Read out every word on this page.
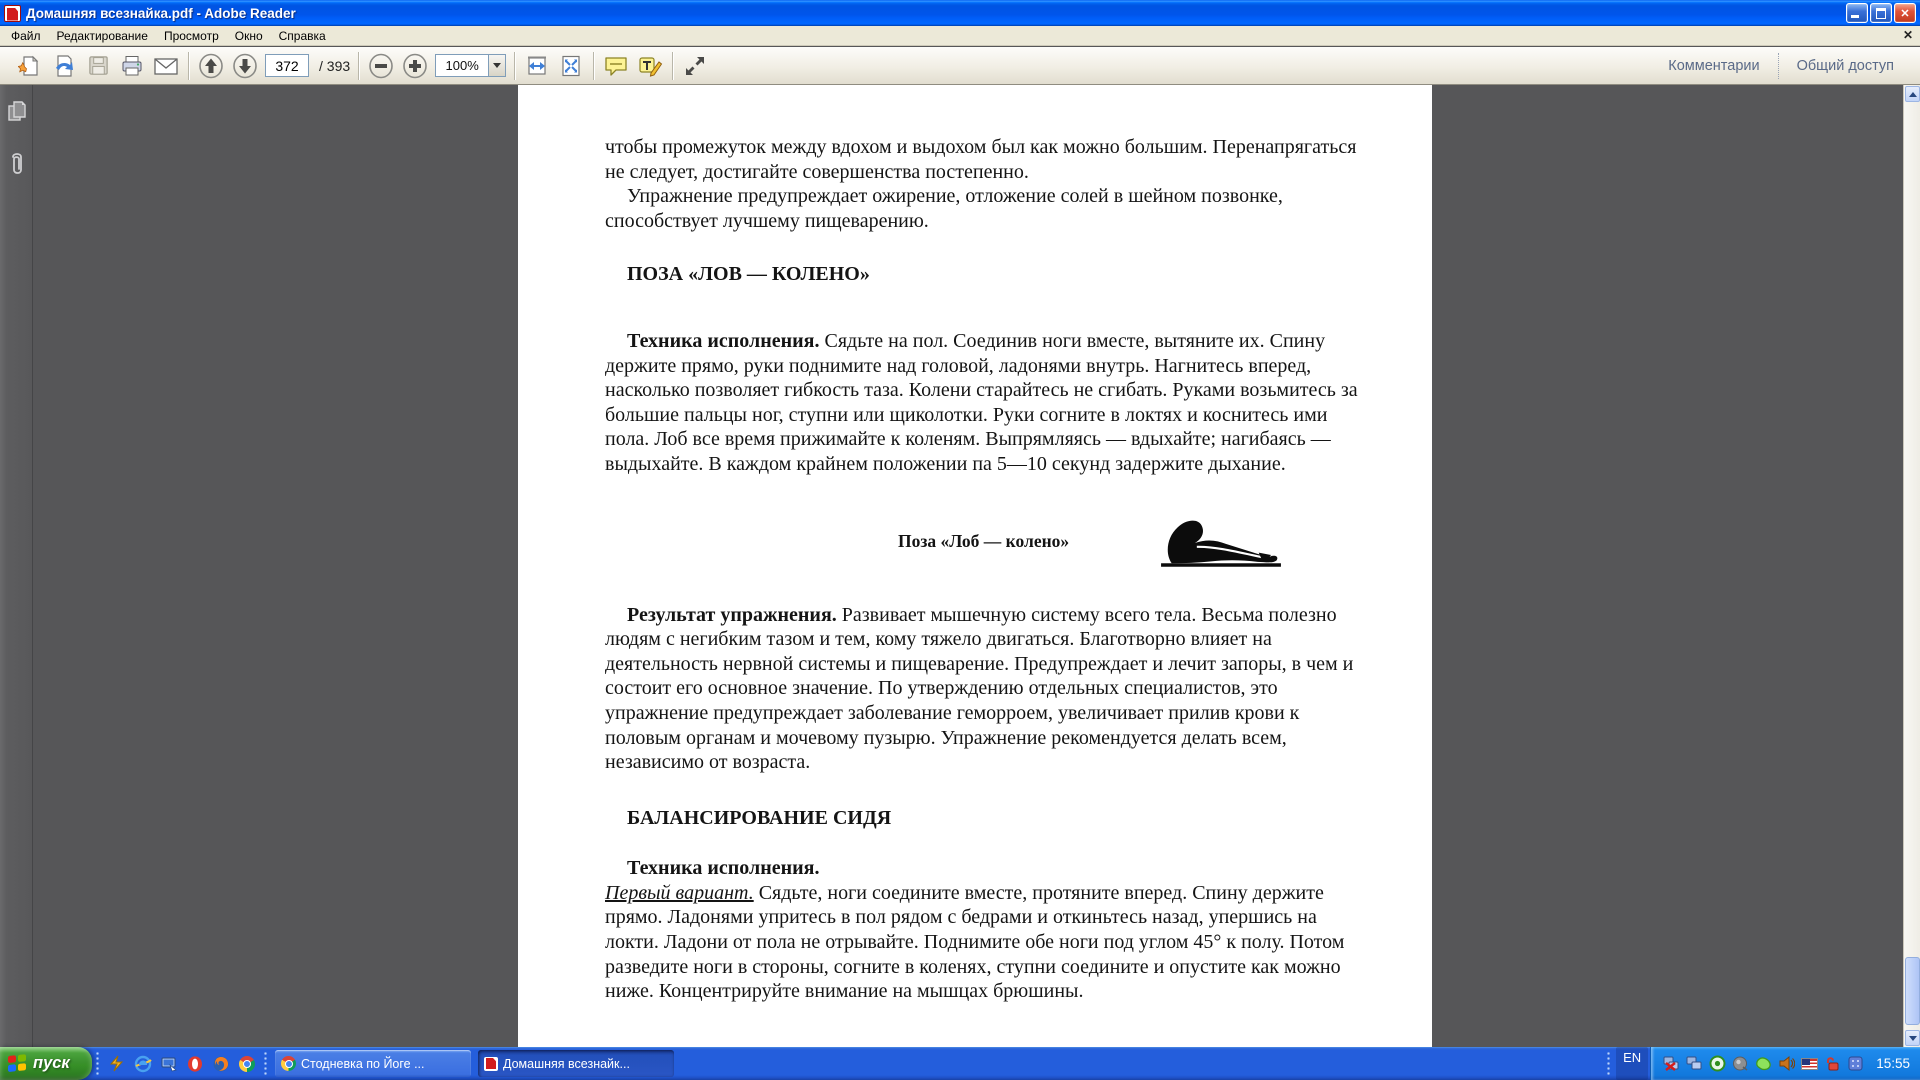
Домашняя всезнайка.pdf - Adobe Reader	✕
Файл	Редактирование	Просмотр	Окно	Справка	✕
372
/ 393	100%	Комментарии	Общий доступ

чтобы промежуток между вдохом и выдохом был как можно большим. Перенапрягаться не следует, достигайте совершенства постепенно.

Упражнение предупреждает ожирение, отложение солей в шейном позвонке, способствует лучшему пищеварению.

ПОЗА «ЛОВ — КОЛЕНО»

Техника исполнения. Сядьте на пол. Соединив ноги вместе, вытяните их. Спину держите прямо, руки поднимите над головой, ладонями внутрь. Нагнитесь вперед, насколько позволяет гибкость таза. Колени старайтесь не сгибать. Руками возьмитесь за большие пальцы ног, ступни или щиколотки. Руки согните в локтях и коснитесь ими пола. Лоб все время прижимайте к коленям. Выпрямляясь — вдыхайте; нагибаясь — выдыхайте. В каждом крайнем положении па 5—10 секунд задержите дыхание.

Поза «Лоб — колено»

Результат упражнения. Развивает мышечную систему всего тела. Весьма полезно людям с негибким тазом и тем, кому тяжело двигаться. Благотворно влияет на деятельность нервной системы и пищеварение. Предупреждает и лечит запоры, в чем и состоит его основное значение. По утверждению отдельных специалистов, это упражнение предупреждает заболевание геморроем, увеличивает прилив крови к половым органам и мочевому пузырю. Упражнение рекомендуется делать всем, независимо от возраста.

БАЛАНСИРОВАНИЕ СИДЯ

Техника исполнения.

Первый вариант. Сядьте, ноги соедините вместе, протяните вперед. Спину держите прямо. Ладонями упритесь в пол рядом с бедрами и откиньтесь назад, упершись на локти. Ладони от пола не отрывайте. Поднимите обе ноги под углом 45° к полу. Потом разведите ноги в стороны, согните в коленях, ступни соедините и опустите как можно ниже. Концентрируйте внимание на мышцах брюшины.

пуск	Стодневка по Йоге ...	Домашняя всезнайк...	EN	15:55
